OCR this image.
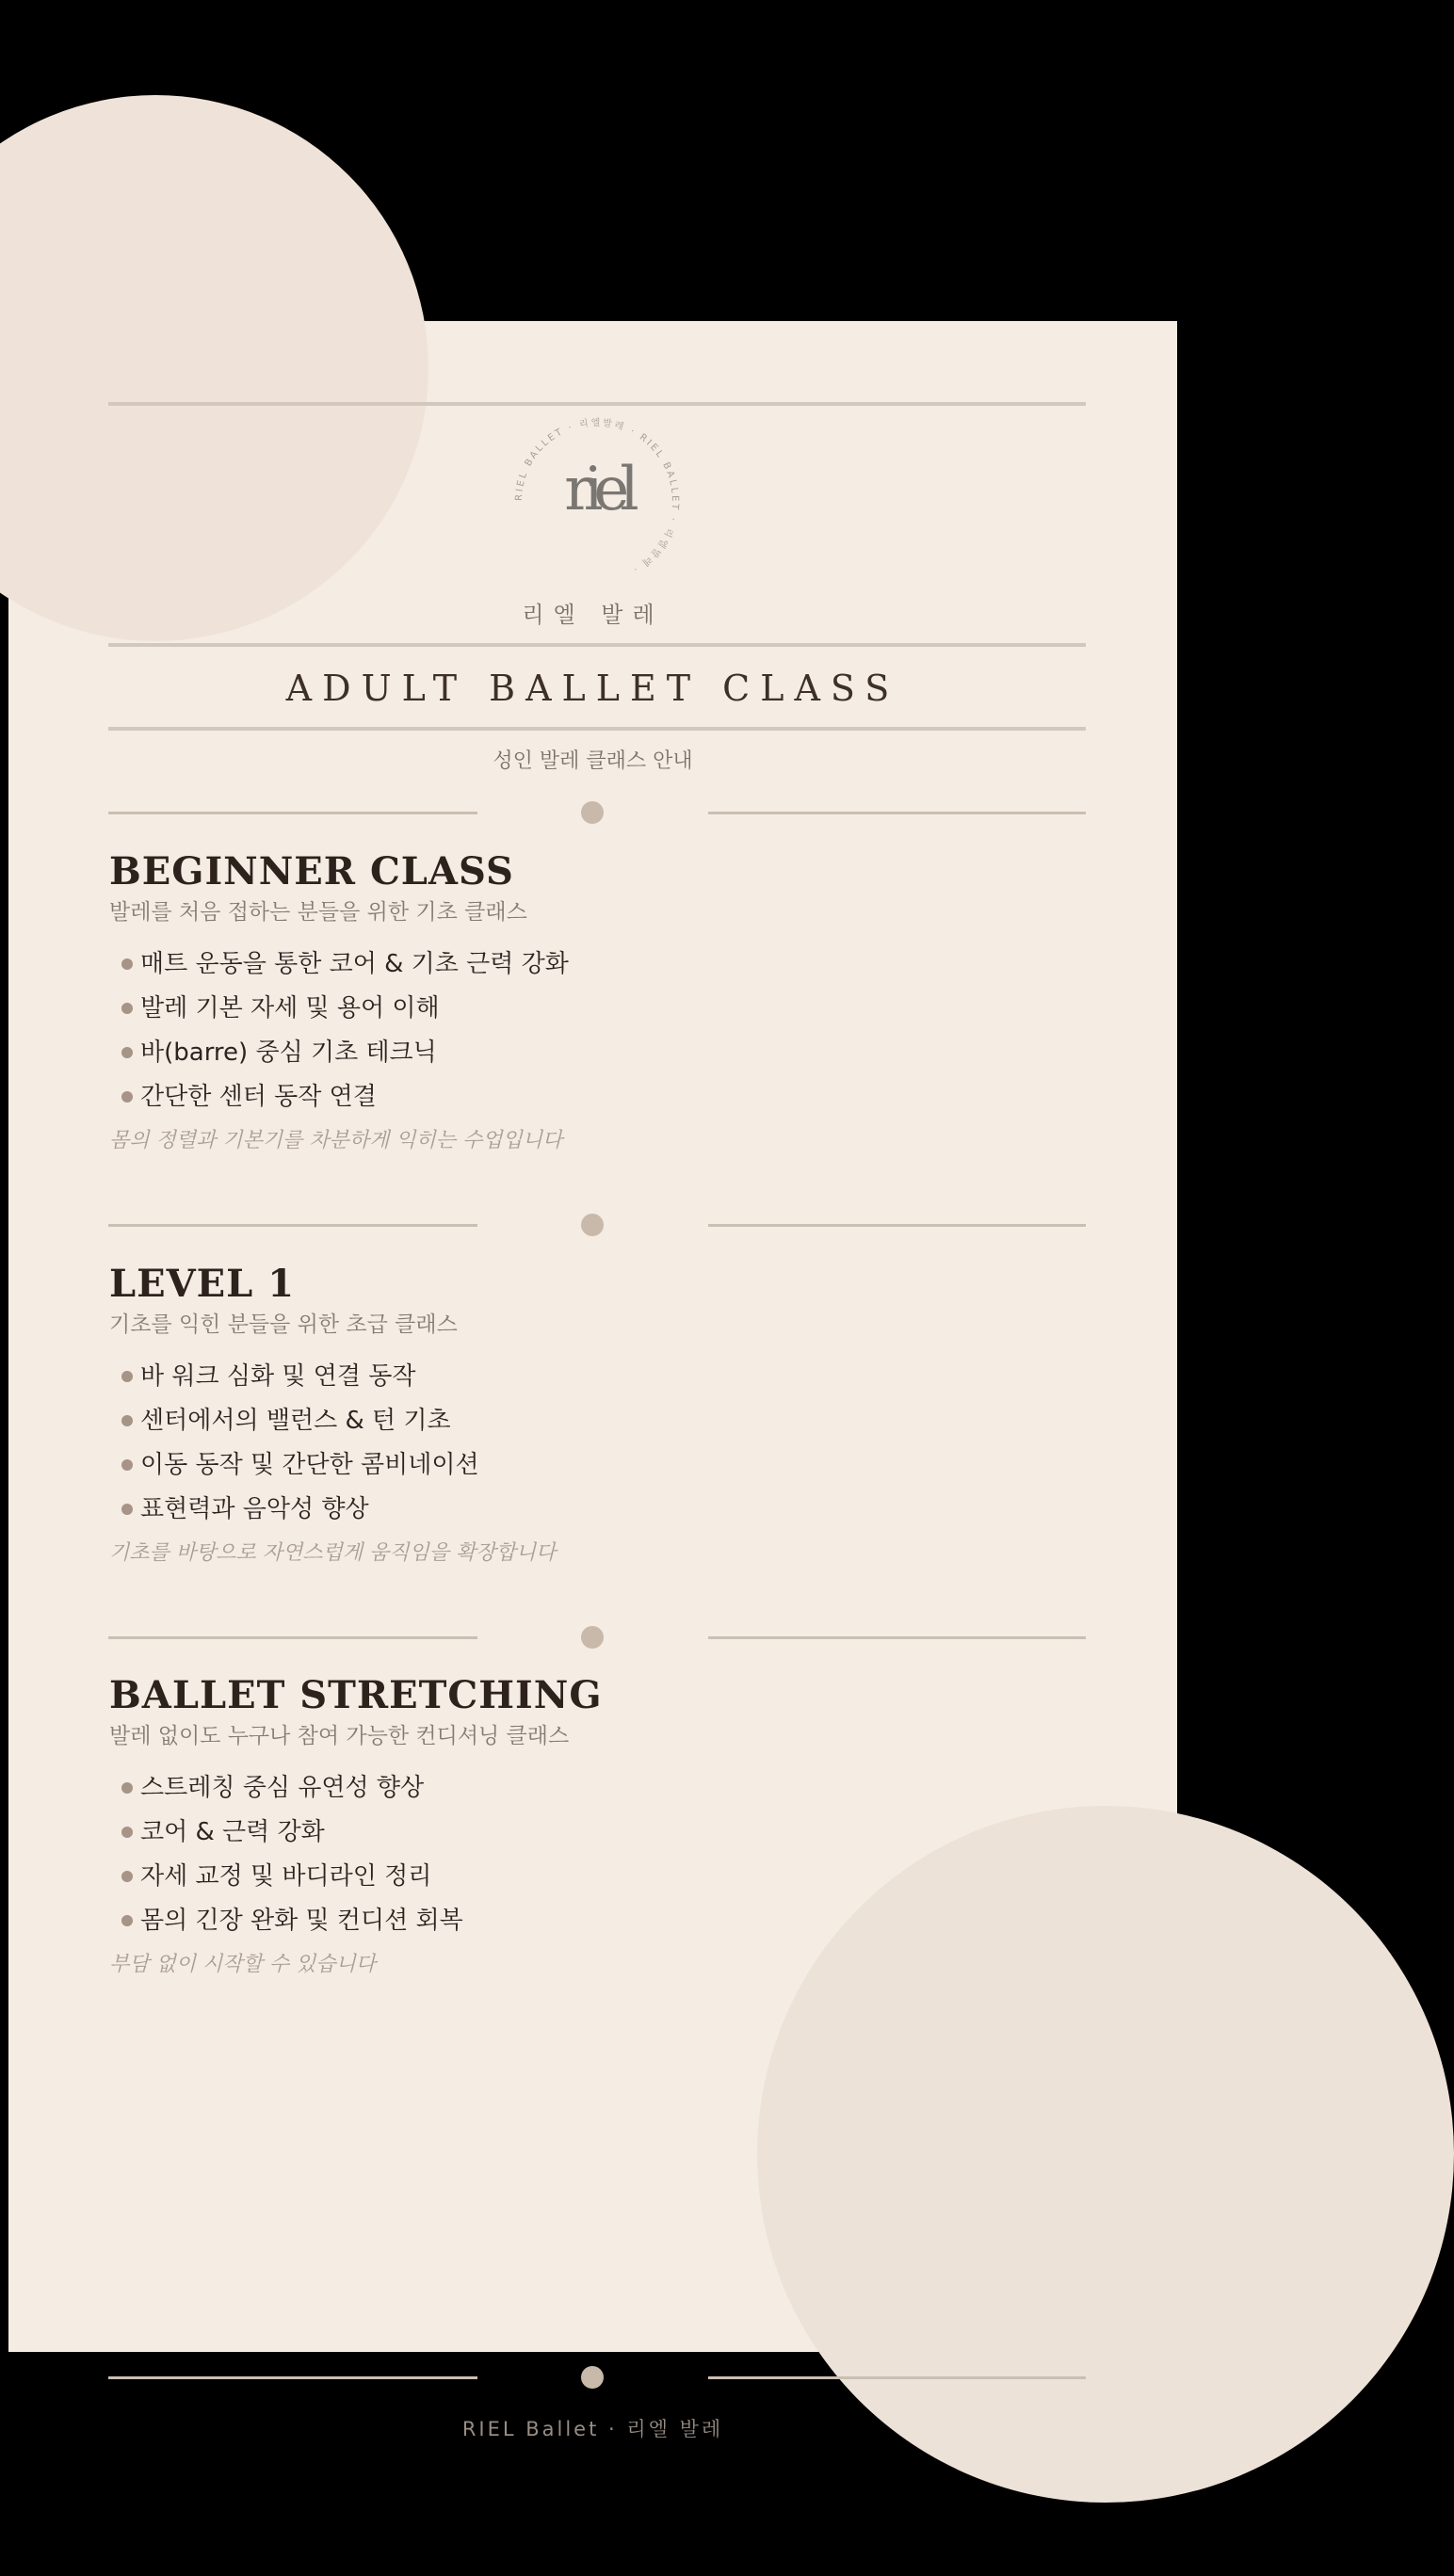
RIEL BALLET · 리엘발레 · RIEL BALLET · 리엘발레 ·
riel
리엘 발레
ADULT BALLET CLASS
성인 발레 클래스 안내
BEGINNER CLASS
발레를 처음 접하는 분들을 위한 기초 클래스
매트 운동을 통한 코어 & 기초 근력 강화
발레 기본 자세 및 용어 이해
바(barre) 중심 기초 테크닉
간단한 센터 동작 연결
몸의 정렬과 기본기를 차분하게 익히는 수업입니다
LEVEL 1
기초를 익힌 분들을 위한 초급 클래스
바 워크 심화 및 연결 동작
센터에서의 밸런스 & 턴 기초
이동 동작 및 간단한 콤비네이션
표현력과 음악성 향상
기초를 바탕으로 자연스럽게 움직임을 확장합니다
BALLET STRETCHING
발레 없이도 누구나 참여 가능한 컨디셔닝 클래스
스트레칭 중심 유연성 향상
코어 & 근력 강화
자세 교정 및 바디라인 정리
몸의 긴장 완화 및 컨디션 회복
부담 없이 시작할 수 있습니다
RIEL Ballet · 리엘 발레
